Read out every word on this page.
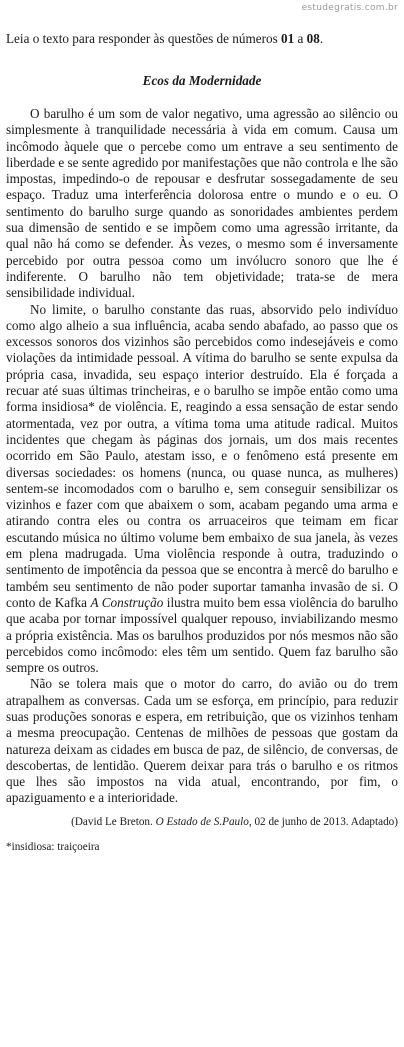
estudegratis.com.br

Leia o texto para responder às questões de números 01 a 08.

Ecos da Modernidade

O barulho é um som de valor negativo, uma agressão ao silêncio ou simplesmente à tranquilidade necessária à vida em comum. Causa um incômodo àquele que o percebe como um entrave a seu sentimento de liberdade e se sente agredido por manifestações que não controla e lhe são impostas, impedindo-o de repousar e desfrutar sossegadamente de seu espaço. Traduz uma interferência dolorosa entre o mundo e o eu. O sentimento do barulho surge quando as sonoridades ambientes perdem sua dimensão de sentido e se impõem como uma agressão irritante, da qual não há como se defender. Às vezes, o mesmo som é inversamente percebido por outra pessoa como um invólucro sonoro que lhe é indiferente. O barulho não tem objetividade; trata-se de mera sensibilidade individual.

No limite, o barulho constante das ruas, absorvido pelo indivíduo como algo alheio a sua influência, acaba sendo abafado, ao passo que os excessos sonoros dos vizinhos são percebidos como indesejáveis e como violações da intimidade pessoal. A vítima do barulho se sente expulsa da própria casa, invadida, seu espaço interior destruído. Ela é forçada a recuar até suas últimas trincheiras, e o barulho se impõe então como uma forma insidiosa* de violência. E, reagindo a essa sensação de estar sendo atormentada, vez por outra, a vítima toma uma atitude radical. Muitos incidentes que chegam às páginas dos jornais, um dos mais recentes ocorrido em São Paulo, atestam isso, e o fenômeno está presente em diversas sociedades: os homens (nunca, ou quase nunca, as mulheres) sentem-se incomodados com o barulho e, sem conseguir sensibilizar os vizinhos e fazer com que abaixem o som, acabam pegando uma arma e atirando contra eles ou contra os arruaceiros que teimam em ficar escutando música no último volume bem embaixo de sua janela, às vezes em plena madrugada. Uma violência responde à outra, traduzindo o sentimento de impotência da pessoa que se encontra à mercê do barulho e também seu sentimento de não poder suportar tamanha invasão de si. O conto de Kafka A Construção ilustra muito bem essa violência do barulho que acaba por tornar impossível qualquer repouso, inviabilizando mesmo a própria existência. Mas os barulhos produzidos por nós mesmos não são percebidos como incômodo: eles têm um sentido. Quem faz barulho são sempre os outros.

Não se tolera mais que o motor do carro, do avião ou do trem atrapalhem as conversas. Cada um se esforça, em princípio, para reduzir suas produções sonoras e espera, em retribuição, que os vizinhos tenham a mesma preocupação. Centenas de milhões de pessoas que gostam da natureza deixam as cidades em busca de paz, de silêncio, de conversas, de descobertas, de lentidão. Querem deixar para trás o barulho e os ritmos que lhes são impostos na vida atual, encontrando, por fim, o apaziguamento e a interioridade.

(David Le Breton. O Estado de S.Paulo, 02 de junho de 2013. Adaptado)

*insidiosa: traiçoeira
